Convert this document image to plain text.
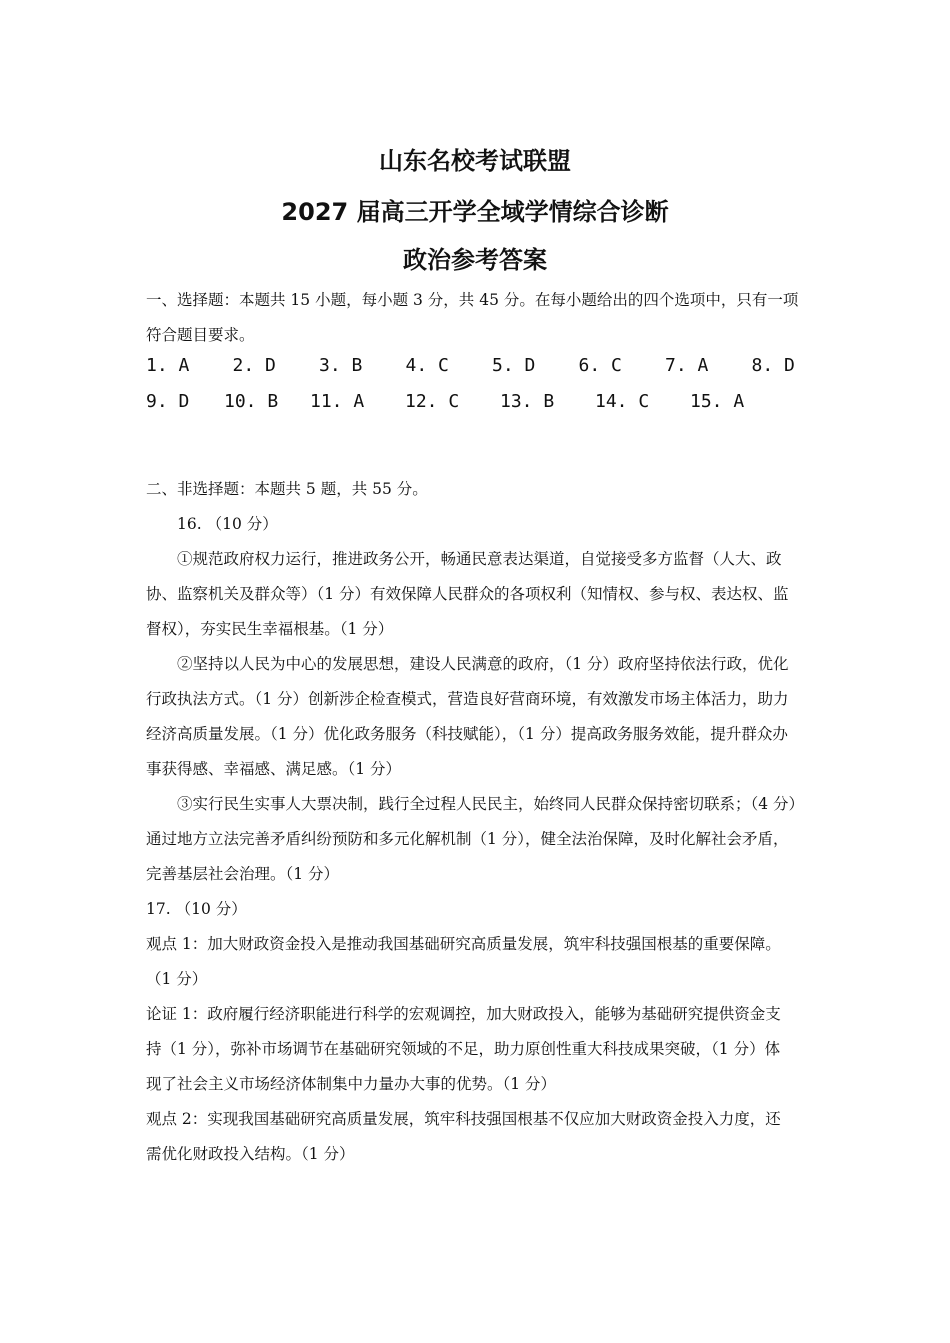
山东名校考试联盟
2027 届高三开学全域学情综合诊断
政治参考答案
一、选择题：本题共 15 小题，每小题 3 分，共 45 分。在每小题给出的四个选项中，只有一项
符合题目要求。
1. A	2. D	3. B	4. C	5. D	6. C	7. A	8. D
9. D	10. B	11. A	12. C	13. B	14. C	15. A
二、非选择题：本题共 5 题，共 55 分。
16. （10 分）
①规范政府权力运行，推进政务公开，畅通民意表达渠道，自觉接受多方监督（人大、政
协、监察机关及群众等）（1 分）有效保障人民群众的各项权利（知情权、参与权、表达权、监
督权），夯实民生幸福根基。（1 分）
②坚持以人民为中心的发展思想，建设人民满意的政府，（1 分）政府坚持依法行政，优化
行政执法方式。（1 分）创新涉企检查模式，营造良好营商环境，有效激发市场主体活力，助力
经济高质量发展。（1 分）优化政务服务（科技赋能），（1 分）提高政务服务效能，提升群众办
事获得感、幸福感、满足感。（1 分）
③实行民生实事人大票决制，践行全过程人民民主，始终同人民群众保持密切联系；（4 分）
通过地方立法完善矛盾纠纷预防和多元化解机制（1 分），健全法治保障，及时化解社会矛盾，
完善基层社会治理。（1 分）
17. （10 分）
观点 1：加大财政资金投入是推动我国基础研究高质量发展，筑牢科技强国根基的重要保障。
（1 分）
论证 1：政府履行经济职能进行科学的宏观调控，加大财政投入，能够为基础研究提供资金支
持（1 分），弥补市场调节在基础研究领域的不足，助力原创性重大科技成果突破，（1 分）体
现了社会主义市场经济体制集中力量办大事的优势。（1 分）
观点 2：实现我国基础研究高质量发展，筑牢科技强国根基不仅应加大财政资金投入力度，还
需优化财政投入结构。（1 分）
